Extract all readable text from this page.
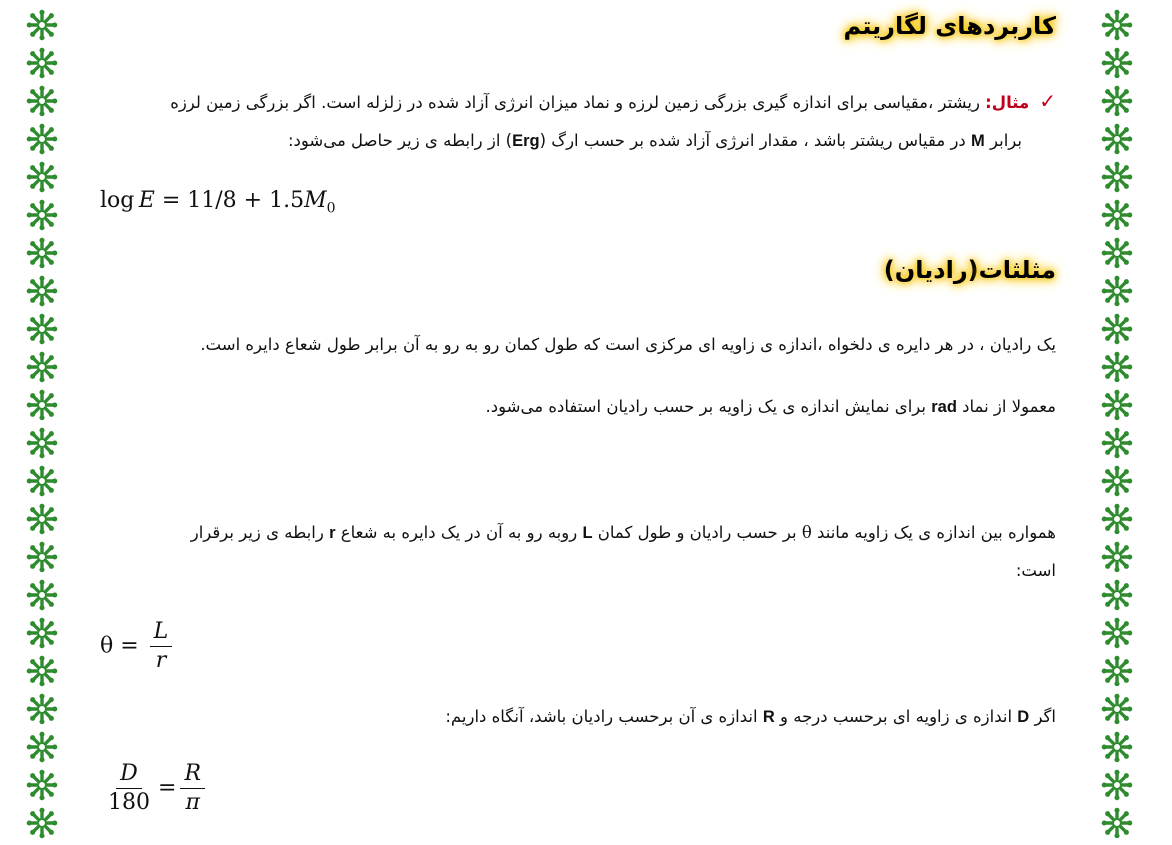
کاربردهای لگاریتم
✓مثال: ریشتر ،مقیاسی برای اندازه گیری بزرگی زمین لرزه و نماد میزان انرژی آزاد شده در زلزله است. اگر بزرگی زمین لرزه
برابر M در مقیاس ریشتر باشد ، مقدار انرژی آزاد شده بر حسب ارگ (Erg) از رابطه ی زیر حاصل می‌شود:
$\log E = 11/8 + 1.5M_0$
مثلثات(رادیان)
یک رادیان ، در هر دایره ی دلخواه ،اندازه ی زاویه ای مرکزی است که طول کمان رو به رو به آن برابر طول شعاع دایره است.
معمولا از نماد rad برای نمایش اندازه ی یک زاویه بر حسب رادیان استفاده می‌شود.
همواره بین اندازه ی یک زاویه مانند θ بر حسب رادیان و طول کمان L روبه رو به آن در یک دایره به شعاع r رابطه ی زیر برقرار
است:
$\theta = \frac{L}{r}$
اگر D اندازه ی زاویه ای برحسب درجه و R اندازه ی آن برحسب رادیان باشد، آنگاه داریم:
$\frac{D}{180} = \frac{R}{\pi}$
